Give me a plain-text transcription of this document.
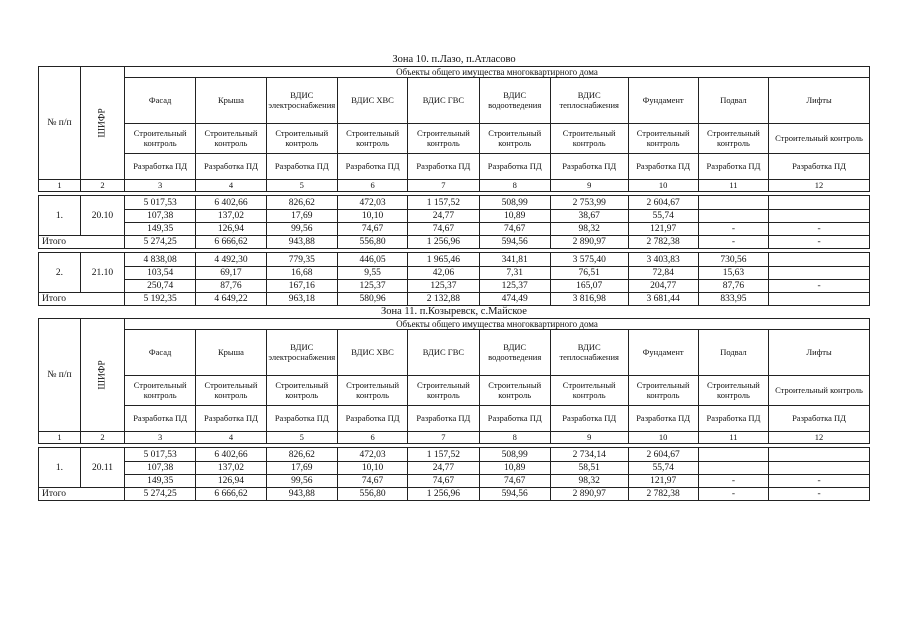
Зона 10. п.Лазо, п.Атласово											
№ п/п	ШИФР	Объекты общего имущества многоквартирного дома									
		Фасад	Крыша	ВДИС электроснабжения	ВДИС ХВС	ВДИС ГВС	ВДИС водоотведения	ВДИС теплоснабжения	Фундамент	Подвал	Лифты
		Строительный контроль	Строительный контроль	Строительный контроль	Строительный контроль	Строительный контроль	Строительный контроль	Строительный контроль	Строительный контроль	Строительный контроль	Строительный контроль
		Разработка ПД	Разработка ПД	Разработка ПД	Разработка ПД	Разработка ПД	Разработка ПД	Разработка ПД	Разработка ПД	Разработка ПД	Разработка ПД
1	2	3	4	5	6	7	8	9	10	11	12

1.	20.10	5 017,53	6 402,66	826,62	472,03	1 157,52	508,99	2 753,99	2 604,67		
		107,38	137,02	17,69	10,10	24,77	10,89	38,67	55,74		
		149,35	126,94	99,56	74,67	74,67	74,67	98,32	121,97	-	-
Итого		5 274,25	6 666,62	943,88	556,80	1 256,96	594,56	2 890,97	2 782,38	-	-

2.	21.10	4 838,08	4 492,30	779,35	446,05	1 965,46	341,81	3 575,40	3 403,83	730,56	
		103,54	69,17	16,68	9,55	42,06	7,31	76,51	72,84	15,63	
		250,74	87,76	167,16	125,37	125,37	125,37	165,07	204,77	87,76	-
Итого		5 192,35	4 649,22	963,18	580,96	2 132,88	474,49	3 816,98	3 681,44	833,95	
Зона 11. п.Козыревск, с.Майское											
№ п/п	ШИФР	Объекты общего имущества многоквартирного дома									
		Фасад	Крыша	ВДИС электроснабжения	ВДИС ХВС	ВДИС ГВС	ВДИС водоотведения	ВДИС теплоснабжения	Фундамент	Подвал	Лифты
		Строительный контроль	Строительный контроль	Строительный контроль	Строительный контроль	Строительный контроль	Строительный контроль	Строительный контроль	Строительный контроль	Строительный контроль	Строительный контроль
		Разработка ПД	Разработка ПД	Разработка ПД	Разработка ПД	Разработка ПД	Разработка ПД	Разработка ПД	Разработка ПД	Разработка ПД	Разработка ПД
1	2	3	4	5	6	7	8	9	10	11	12

1.	20.11	5 017,53	6 402,66	826,62	472,03	1 157,52	508,99	2 734,14	2 604,67		
		107,38	137,02	17,69	10,10	24,77	10,89	58,51	55,74		
		149,35	126,94	99,56	74,67	74,67	74,67	98,32	121,97	-	-
Итого		5 274,25	6 666,62	943,88	556,80	1 256,96	594,56	2 890,97	2 782,38	-	-
